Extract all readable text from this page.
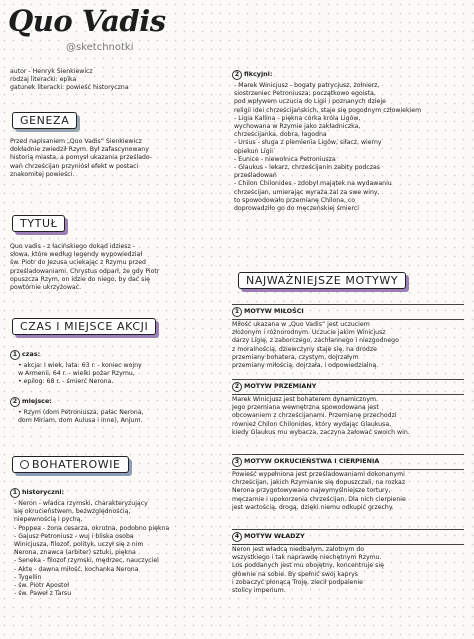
Quo Vadis
@sketchnotki
autor - Henryk Sienkiewicz
rodzaj literacki: epika
gatunek literacki: powieść historyczna
GENEZA
Przed napisaniem „Quo Vadis” Sienkiewicz
dokładnie zwiedził Rzym. Był zafascynowany
historią miasta, a pomysł ukazania prześlado-
wań chrześcijan przyniósł efekt w postaci
znakomitej powieści.
TYTUŁ
Quo vadis - z łacińskiego dokąd idziesz -
słowa, które według legendy wypowiedział
św. Piotr do Jezusa uciekając z Rzymu przed
prześladowaniami. Chrystus odparł, że gdy Piotr
opuszcza Rzym, on idzie do niego, by dać się
powtórnie ukrzyżować.
CZAS I MIEJSCE AKCJI
1 czas:
• akcja: I wiek, lata: 63 r. - koniec wojny
w Armenii, 64 r. - wielki pożar Rzymu,
• epilog: 68 r. - śmierć Nerona.
2 miejsce:
• Rzym (dom Petroniusza, pałac Nerona,
dom Miriam, dom Aulusa i inne), Anjum.
BOHATEROWIE
1 historyczni:
- Neron - władca rzymski, charakteryzujący
się okrucieństwem, bezwzględnością,
niepewnością i pychą,
- Poppea - żona cesarza, okrutna, podobno piękna
- Gajusz Petroniusz - wuj i bliska osoba
Winicjusza, filozof, polityk, uczył się z nim
Nerona, znawca (arbiter) sztuki, piękna
- Seneka - filozof rzymski, mędrzec, nauczyciel
- Akte - dawna miłość, kochanka Nerona
- Tygellin
- św. Piotr Apostoł
- św. Paweł z Tarsu
2 fikcyjni:
- Marek Winicjusz - bogaty patrycjusz, żołnierz,
siostrzeniec Petroniusza; początkowo egoista,
pod wpływem uczucia do Ligii i poznanych dzieje
religii idei chrześcijańskich, staje się pogodnym człowiekiem
- Ligia Kallina - piękna córka króla Ligów,
wychowana w Rzymie jako zakładniczka,
chrześcijanka, dobra, łagodna
- Ursus - sługa z plemienia Ligów, siłacz, wierny
opiekun Ligii
- Eunice - niewolnica Petroniusza
- Glaukus - lekarz, chrześcijanin zabity podczas
prześladowań
- Chilon Chilonides - zdobył majątek na wydawaniu
chrześcijan, umierając wyraża żal za swe winy,
to spowodowało przemianę Chilona, co
doprowadziło go do męczeńskiej śmierci
NAJWAŻNIEJSZE MOTYWY
1 MOTYW MIŁOŚCI
Miłość ukazana w „Quo Vadis” jest uczuciem
złożonym i różnorodnym. Uczucie jakim Winicjusz
darzy Ligię, z zaborczego, zachłannego i niezgodnego
z moralnością, dziewczyny staje się, na drodze
przemiany bohatera, czystym, dojrzałym
przemiany miłością, dojrzała, i odpowiedzialną.
2 MOTYW PRZEMIANY
Marek Winicjusz jest bohaterem dynamicznym.
Jego przemiana wewnętrzna spowodowana jest
obcowaniem z chrześcijanami. Przemianę przechodzi
również Chilon Chilonides, który wydając Glaukusa,
kiedy Glaukus mu wybacza, zaczyna żałować swoich win.
3 MOTYW OKRUCIEŃSTWA I CIERPIENIA
Powieść wypełniona jest prześladowaniami dokonanymi
chrześcijan, jakich Rzymianie się dopuszczali, na rozkaz
Nerona przygotowywano najwymyślniejsze tortury,
męczarnie i upokorzenia chrześcijan. Dla nich cierpienie
jest wartością, drogą, dzięki niemu odkupić grzechy.
4 MOTYW WŁADZY
Neron jest władcą niedbałym, zalotnym do
wszystkiego i tak naprawdę niechętnym Rzymu.
Los poddanych jest mu obojętny, koncentruje się
głównie na sobie. By spełnić swój kaprys
i zobaczyć płonącą Troję, zlecił podpalenie
stolicy imperium.
